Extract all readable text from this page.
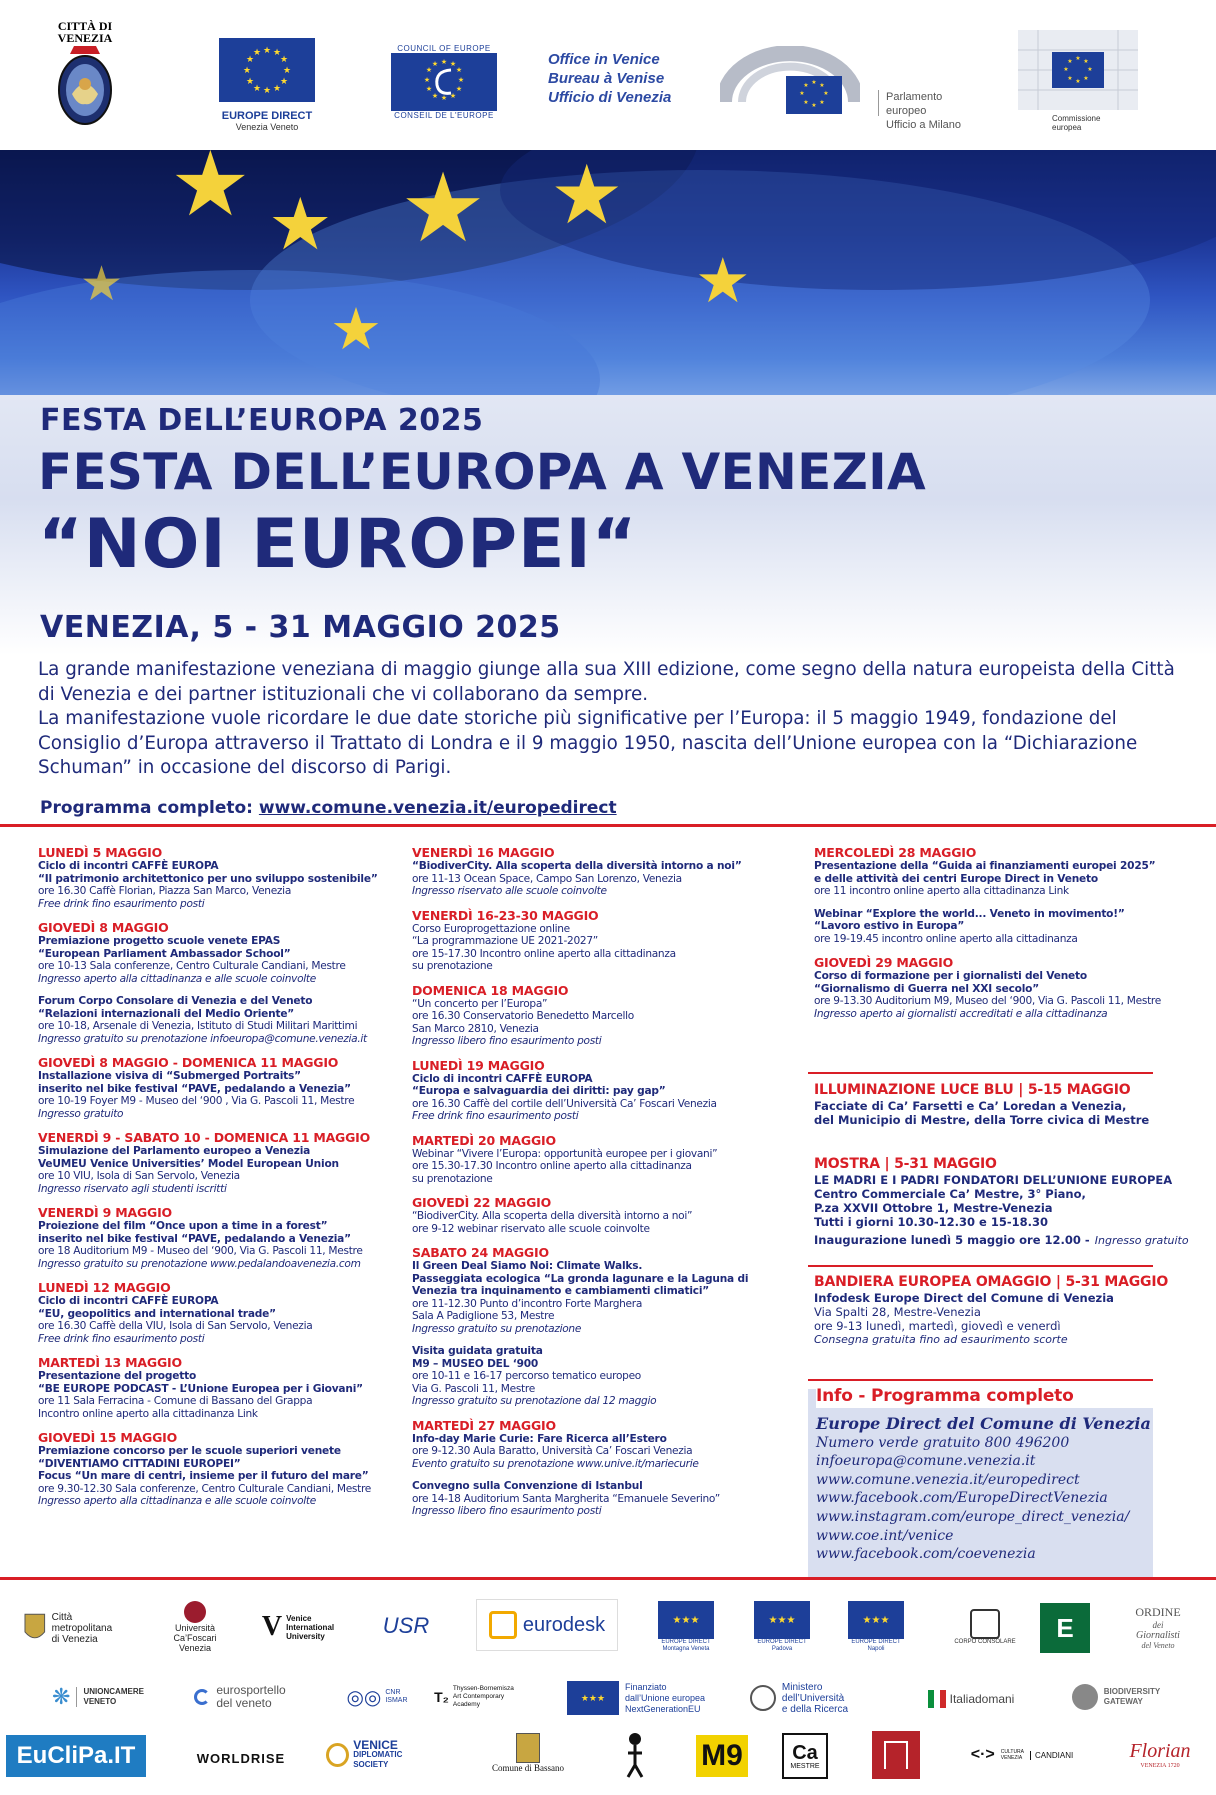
CITTÀ DI
VENEZIA
★ ★
★
★
★
★
★
★
★
★
★
★
EUROPE DIRECT
Venezia Veneto
COUNCIL OF EUROPE
★ ★
★
★
★
★
★
★
★
★
★
★
CONSEIL DE L'EUROPE
Office in Venice
Bureau à Venise
Ufficio di Venezia
★ ★
★
★
★
★
★
★
Parlamento europeo
Ufficio a Milano
★ ★
★
★
★
★
★
★
Commissione
europea
★ ★ ★ ★
★
★
★
FESTA DELL’EUROPA 2025
FESTA DELL’EUROPA A VENEZIA
“NOI EUROPEI“
VENEZIA, 5 - 31 MAGGIO 2025
La grande manifestazione veneziana di maggio giunge alla sua XIII edizione, come segno della natura europeista della Città di Venezia e dei partner istituzionali che vi collaborano da sempre.
La manifestazione vuole ricordare le due date storiche più significative per l’Europa: il 5 maggio 1949, fondazione del Consiglio d’Europa attraverso il Trattato di Londra e il 9 maggio 1950, nascita dell’Unione europea con la “Dichiarazione Schuman” in occasione del discorso di Parigi.
Programma completo: www.comune.venezia.it/europedirect
LUNEDÌ 5 MAGGIO
Ciclo di incontri CAFFÈ EUROPA
“Il patrimonio architettonico per uno sviluppo sostenibile”
ore 16.30 Caffè Florian, Piazza San Marco, Venezia
Free drink fino esaurimento posti
GIOVEDÌ 8 MAGGIO
Premiazione progetto scuole venete EPAS
“European Parliament Ambassador School”
ore 10-13 Sala conferenze, Centro Culturale Candiani, Mestre
Ingresso aperto alla cittadinanza e alle scuole coinvolte
Forum Corpo Consolare di Venezia e del Veneto
“Relazioni internazionali del Medio Oriente”
ore 10-18, Arsenale di Venezia, Istituto di Studi Militari Marittimi
Ingresso gratuito su prenotazione infoeuropa@comune.venezia.it
GIOVEDÌ 8 MAGGIO - DOMENICA 11 MAGGIO
Installazione visiva di “Submerged Portraits”
inserito nel bike festival “PAVE, pedalando a Venezia”
ore 10-19 Foyer M9 - Museo del ‘900 , Via G. Pascoli 11, Mestre
Ingresso gratuito
VENERDÌ 9 - SABATO 10 - DOMENICA 11 MAGGIO
Simulazione del Parlamento europeo a Venezia
VeUMEU Venice Universities’ Model European Union
ore 10 VIU, Isola di San Servolo, Venezia
Ingresso riservato agli studenti iscritti
VENERDÌ 9 MAGGIO
Proiezione del film “Once upon a time in a forest”
inserito nel bike festival “PAVE, pedalando a Venezia”
ore 18 Auditorium M9 - Museo del ‘900, Via G. Pascoli 11, Mestre
Ingresso gratuito su prenotazione www.pedalandoavenezia.com
LUNEDÌ 12 MAGGIO
Ciclo di incontri CAFFÈ EUROPA
“EU, geopolitics and international trade”
ore 16.30 Caffè della VIU, Isola di San Servolo, Venezia
Free drink fino esaurimento posti
MARTEDÌ 13 MAGGIO
Presentazione del progetto
“BE EUROPE PODCAST - L’Unione Europea per i Giovani”
ore 11 Sala Ferracina - Comune di Bassano del Grappa
Incontro online aperto alla cittadinanza Link
GIOVEDÌ 15 MAGGIO
Premiazione concorso per le scuole superiori venete
“DIVENTIAMO CITTADINI EUROPEI”
Focus “Un mare di centri, insieme per il futuro del mare”
ore 9.30-12.30 Sala conferenze, Centro Culturale Candiani, Mestre
Ingresso aperto alla cittadinanza e alle scuole coinvolte
VENERDÌ 16 MAGGIO
“BiodiverCity. Alla scoperta della diversità intorno a noi”
ore 11-13 Ocean Space, Campo San Lorenzo, Venezia
Ingresso riservato alle scuole coinvolte
VENERDÌ 16-23-30 MAGGIO
Corso Europrogettazione online
“La programmazione UE 2021-2027”
ore 15-17.30 Incontro online aperto alla cittadinanza
su prenotazione
DOMENICA 18 MAGGIO
“Un concerto per l’Europa”
ore 16.30 Conservatorio Benedetto Marcello
San Marco 2810, Venezia
Ingresso libero fino esaurimento posti
LUNEDÌ 19 MAGGIO
Ciclo di incontri CAFFÈ EUROPA
“Europa e salvaguardia dei diritti: pay gap”
ore 16.30 Caffè del cortile dell’Università Ca’ Foscari Venezia
Free drink fino esaurimento posti
MARTEDÌ 20 MAGGIO
Webinar “Vivere l’Europa: opportunità europee per i giovani”
ore 15.30-17.30 Incontro online aperto alla cittadinanza
su prenotazione
GIOVEDÌ 22 MAGGIO
“BiodiverCity. Alla scoperta della diversità intorno a noi”
ore 9-12 webinar riservato alle scuole coinvolte
SABATO 24 MAGGIO
Il Green Deal Siamo Noi: Climate Walks.
Passeggiata ecologica “La gronda lagunare e la Laguna di
Venezia tra inquinamento e cambiamenti climatici”
ore 11-12.30 Punto d’incontro Forte Marghera
Sala A Padiglione 53, Mestre
Ingresso gratuito su prenotazione
Visita guidata gratuita
M9 – MUSEO DEL ‘900
ore 10-11 e 16-17 percorso tematico europeo
Via G. Pascoli 11, Mestre
Ingresso gratuito su prenotazione dal 12 maggio
MARTEDÌ 27 MAGGIO
Info-day Marie Curie: Fare Ricerca all’Estero
ore 9-12.30 Aula Baratto, Università Ca’ Foscari Venezia
Evento gratuito su prenotazione www.unive.it/mariecurie
Convegno sulla Convenzione di Istanbul
ore 14-18 Auditorium Santa Margherita “Emanuele Severino”
Ingresso libero fino esaurimento posti
MERCOLEDÌ 28 MAGGIO
Presentazione della “Guida ai finanziamenti europei 2025”
e delle attività dei centri Europe Direct in Veneto
ore 11 incontro online aperto alla cittadinanza Link
Webinar “Explore the world... Veneto in movimento!”
“Lavoro estivo in Europa”
ore 19-19.45 incontro online aperto alla cittadinanza
GIOVEDÌ 29 MAGGIO
Corso di formazione per i giornalisti del Veneto
“Giornalismo di Guerra nel XXI secolo”
ore 9-13.30 Auditorium M9, Museo del ‘900, Via G. Pascoli 11, Mestre
Ingresso aperto ai giornalisti accreditati e alla cittadinanza
ILLUMINAZIONE LUCE BLU | 5-15 MAGGIO
Facciate di Ca’ Farsetti e Ca’ Loredan a Venezia,
del Municipio di Mestre, della Torre civica di Mestre
MOSTRA | 5-31 MAGGIO
LE MADRI E I PADRI FONDATORI DELL’UNIONE EUROPEA
Centro Commerciale Ca’ Mestre, 3° Piano,
P.za XXVII Ottobre 1, Mestre-Venezia
Tutti i giorni 10.30-12.30 e 15-18.30
Inaugurazione lunedì 5 maggio ore 12.00 - Ingresso gratuito
BANDIERA EUROPEA OMAGGIO | 5-31 MAGGIO
Infodesk Europe Direct del Comune di Venezia
Via Spalti 28, Mestre-Venezia
ore 9-13 lunedì, martedì, giovedì e venerdì
Consegna gratuita fino ad esaurimento scorte
Info - Programma completo
Europe Direct del Comune di Venezia
Numero verde gratuito 800 496200
infoeuropa@comune.venezia.it
www.comune.venezia.it/europedirect
www.facebook.com/EuropeDirectVenezia
www.instagram.com/europe_direct_venezia/
www.coe.int/venice
www.facebook.com/coevenezia
Città metropolitana
di Venezia
Università
Ca’Foscari
Venezia
V Venice
International
University	USR	eurodesk	★★★
EUROPE DIRECT
Montagna Veneta
★★★
EUROPE DIRECT
Padova
★★★
EUROPE DIRECT
Napoli
CORPO CONSOLARE	E
ORDINE
dei
Giornalisti
del Veneto
❋ UNIONCAMERE
VENETO
eurosportello
del veneto	◎◎ CNR
ISMAR T₂
Thyssen-Bornemisza
Art Contemporary
Academy
★★★
Finanziato
dall’Unione europea
NextGenerationEU
Ministero
dell’Università
e della Ricerca
Italiadomani
BIODIVERSITY
GATEWAY
EuCliPa.IT	WORLDRISE
VENICE
DIPLOMATIC SOCIETY	Comune di Bassano	M9 Ca
MESTRE
<·> CULTURA
VENEZIA	CANDIANI	Florian
VENEZIA 1720
